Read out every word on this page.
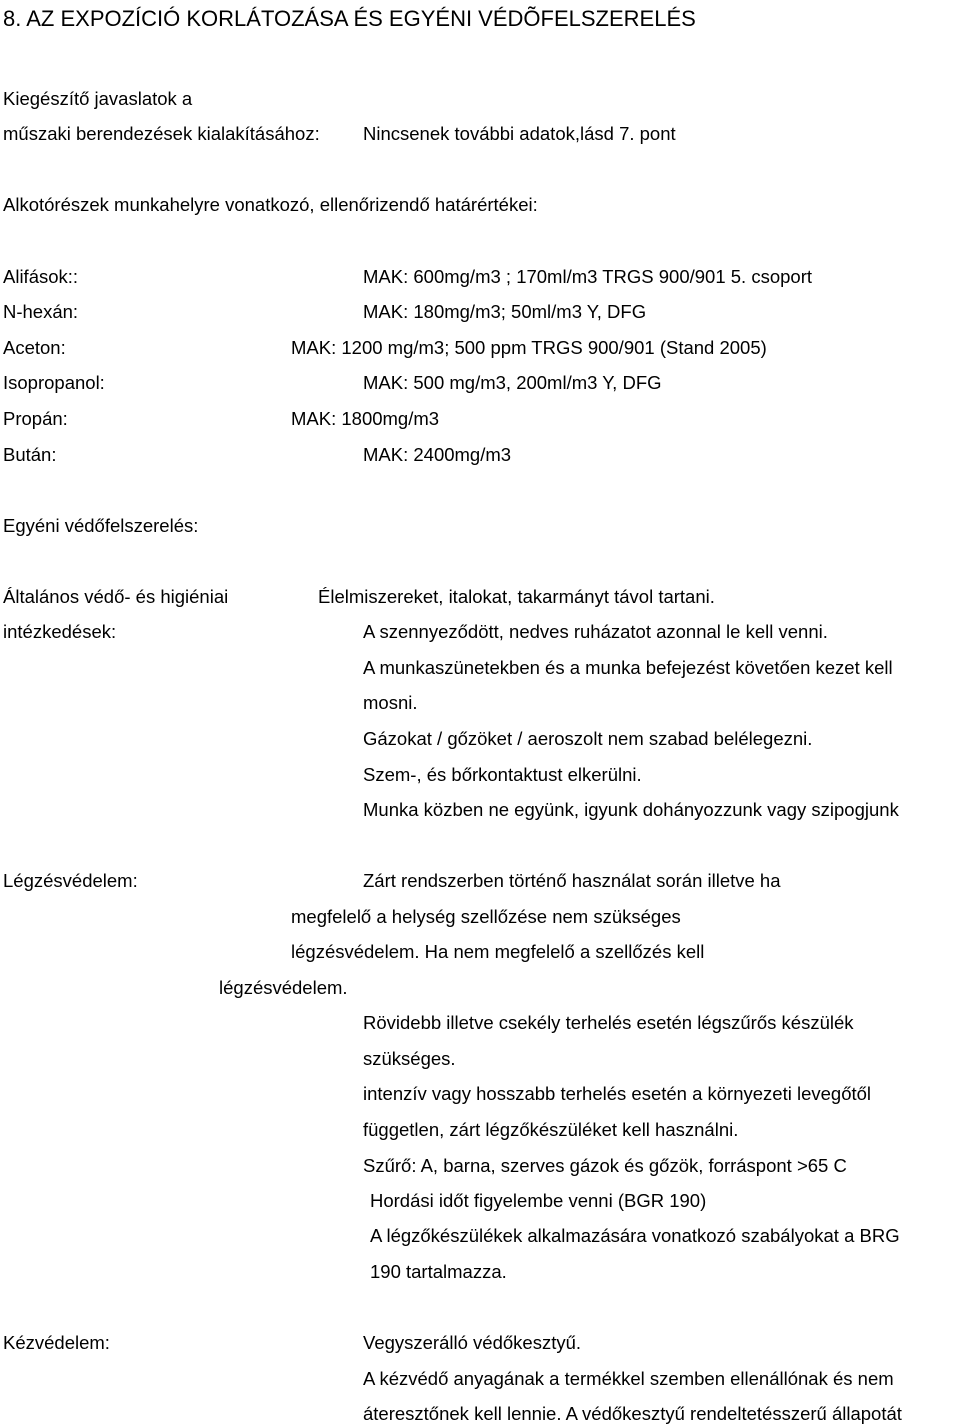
8. AZ EXPOZÍCIÓ KORLÁTOZÁSA ÉS EGYÉNI VÉDÕFELSZERELÉS
Kiegészítő javaslatok a
műszaki berendezések kialakításához: Nincsenek további adatok,lásd 7. pont
Alkotórészek munkahelyre vonatkozó, ellenőrizendő határértékei:
Alifások::	MAK: 600mg/m3 ; 170ml/m3 TRGS 900/901 5. csoport
N-hexán:	MAK: 180mg/m3; 50ml/m3 Y, DFG
Aceton:	MAK: 1200 mg/m3; 500 ppm TRGS 900/901 (Stand 2005)
Isopropanol:	MAK: 500 mg/m3, 200ml/m3 Y, DFG
Propán:	MAK: 1800mg/m3
Bután:	MAK: 2400mg/m3
Egyéni védőfelszerelés:
Általános védő- és higiéniai
intézkedések:
Élelmiszereket, italokat, takarmányt távol tartani.
A szennyeződött, nedves ruházatot azonnal le kell venni.
A munkaszünetekben és a munka befejezést követően kezet kell
mosni.
Gázokat / gőzöket / aeroszolt nem szabad belélegezni.
Szem-, és bőrkontaktust elkerülni.
Munka közben ne együnk, igyunk dohányozzunk vagy szipogjunk
Légzésvédelem:	Zárt rendszerben történő használat során illetve ha
megfelelő a helység szellőzése nem szükséges
légzésvédelem. Ha nem megfelelő a szellőzés kell
légzésvédelem.
Rövidebb illetve csekély terhelés esetén légszűrős készülék
szükséges.
intenzív vagy hosszabb terhelés esetén a környezeti levegőtől
független, zárt légzőkészüléket kell használni.
Szűrő: A, barna, szerves gázok és gőzök, forráspont >65 C
Hordási időt figyelembe venni (BGR 190)
A légzőkészülékek alkalmazására vonatkozó szabályokat a BRG
190 tartalmazza.
Kézvédelem:	Vegyszerálló védőkesztyű.
A kézvédő anyagának a termékkel szemben ellenállónak és nem
áteresztőnek kell lennie. A védőkesztyű rendeltetésszerű állapotát
